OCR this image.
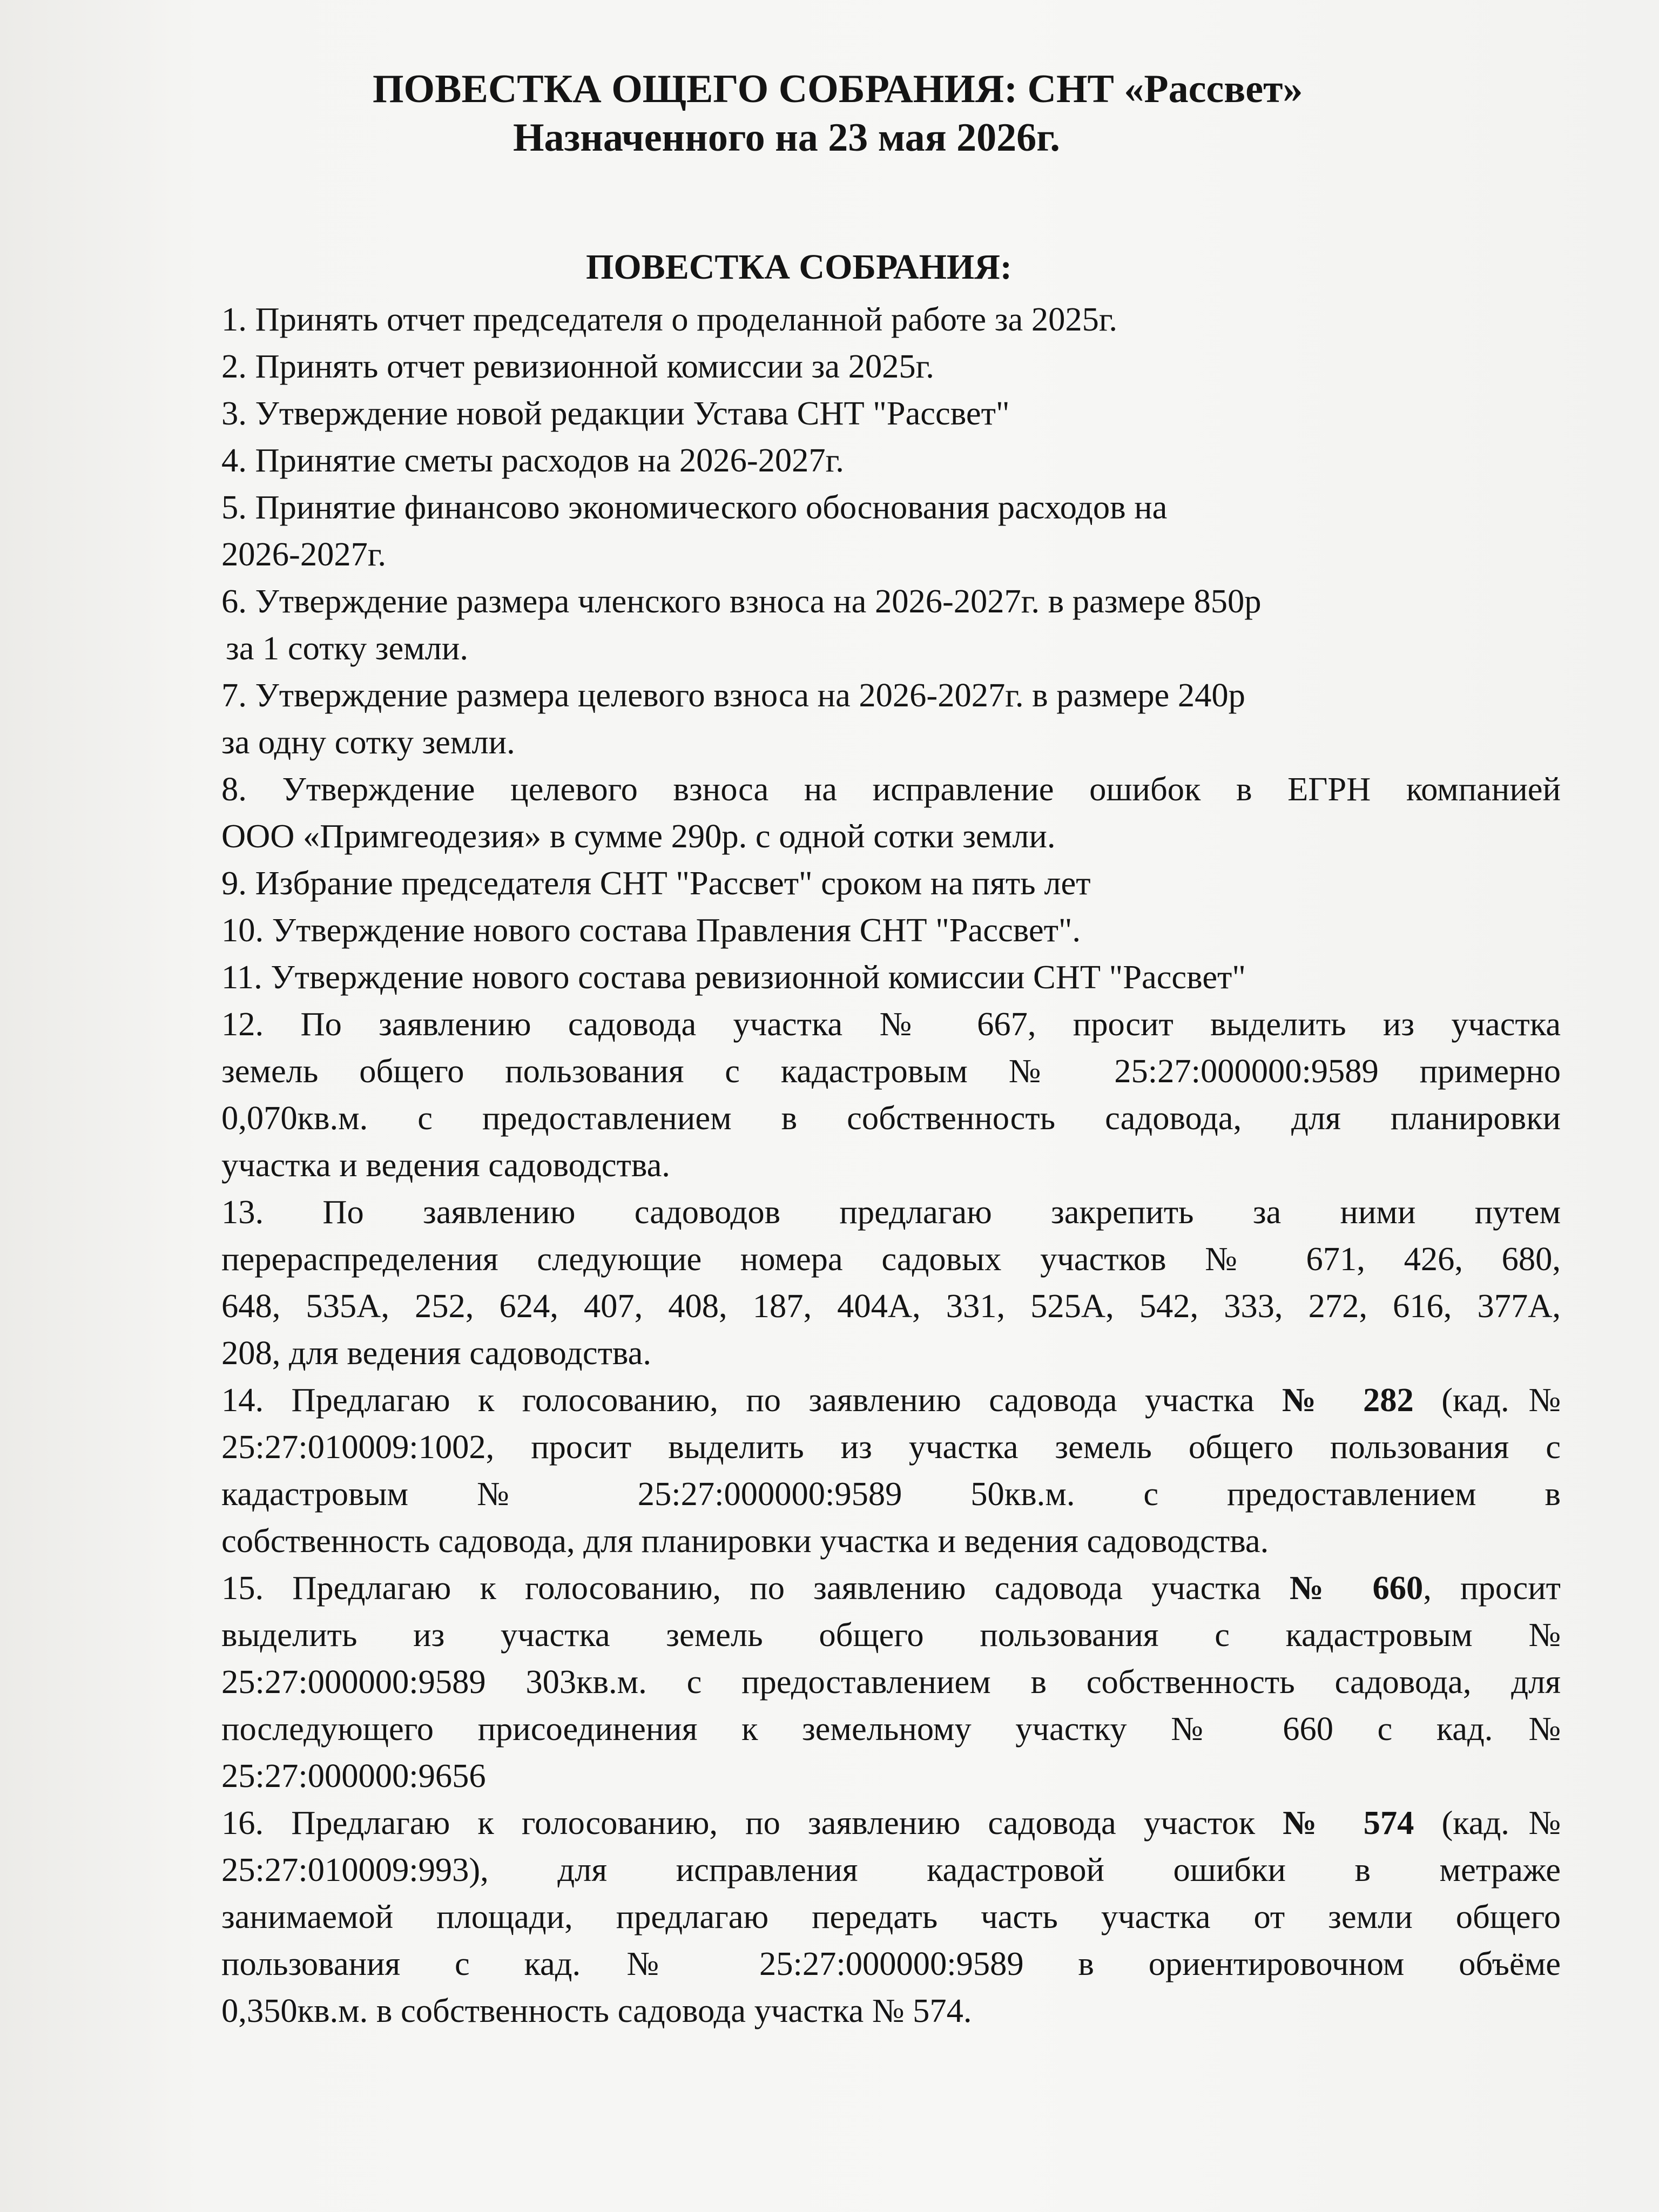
ПОВЕСТКА ОЩЕГО СОБРАНИЯ: СНТ «Рассвет»
Назначенного на 23 мая 2026г.
ПОВЕСТКА СОБРАНИЯ:
1. Принять отчет председателя о проделанной работе за 2025г.
2. Принять отчет ревизионной комиссии за 2025г.
3. Утверждение новой редакции Устава СНТ "Рассвет"
4. Принятие сметы расходов на 2026-2027г.
5. Принятие финансово экономического обоснования расходов на
2026-2027г.
6. Утверждение размера членского взноса на 2026-2027г. в размере 850р
за 1 сотку земли.
7. Утверждение размера целевого взноса на 2026-2027г. в размере 240р
за одну сотку земли.
8. Утверждение целевого взноса на исправление ошибок в ЕГРН компанией
ООО «Примгеодезия» в сумме 290р. с одной сотки земли.
9. Избрание председателя СНТ "Рассвет" сроком на пять лет
10. Утверждение нового состава Правления СНТ "Рассвет".
11. Утверждение нового состава ревизионной комиссии СНТ "Рассвет"
12. По заявлению садовода участка № 667, просит выделить из участка
земель общего пользования с кадастровым № 25:27:000000:9589 примерно
0,070кв.м. с предоставлением в собственность садовода, для планировки
участка и ведения садоводства.
13. По заявлению садоводов предлагаю закрепить за ними путем
перераспределения следующие номера садовых участков № 671, 426, 680,
648, 535А, 252, 624, 407, 408, 187, 404А, 331, 525А, 542, 333, 272, 616, 377А,
208, для ведения садоводства.
14. Предлагаю к голосованию, по заявлению садовода участка № 282 (кад.№
25:27:010009:1002, просит выделить из участка земель общего пользования с
кадастровым № 25:27:000000:9589 50кв.м. с предоставлением в
собственность садовода, для планировки участка и ведения садоводства.
15. Предлагаю к голосованию, по заявлению садовода участка № 660, просит
выделить из участка земель общего пользования с кадастровым №
25:27:000000:9589 303кв.м. с предоставлением в собственность садовода, для
последующего присоединения к земельному участку № 660 с кад.№
25:27:000000:9656
16. Предлагаю к голосованию, по заявлению садовода участок № 574 (кад.№
25:27:010009:993), для исправления кадастровой ошибки в метраже
занимаемой площади, предлагаю передать часть участка от земли общего
пользования с кад.№ 25:27:000000:9589 в ориентировочном объёме
0,350кв.м. в собственность садовода участка № 574.
